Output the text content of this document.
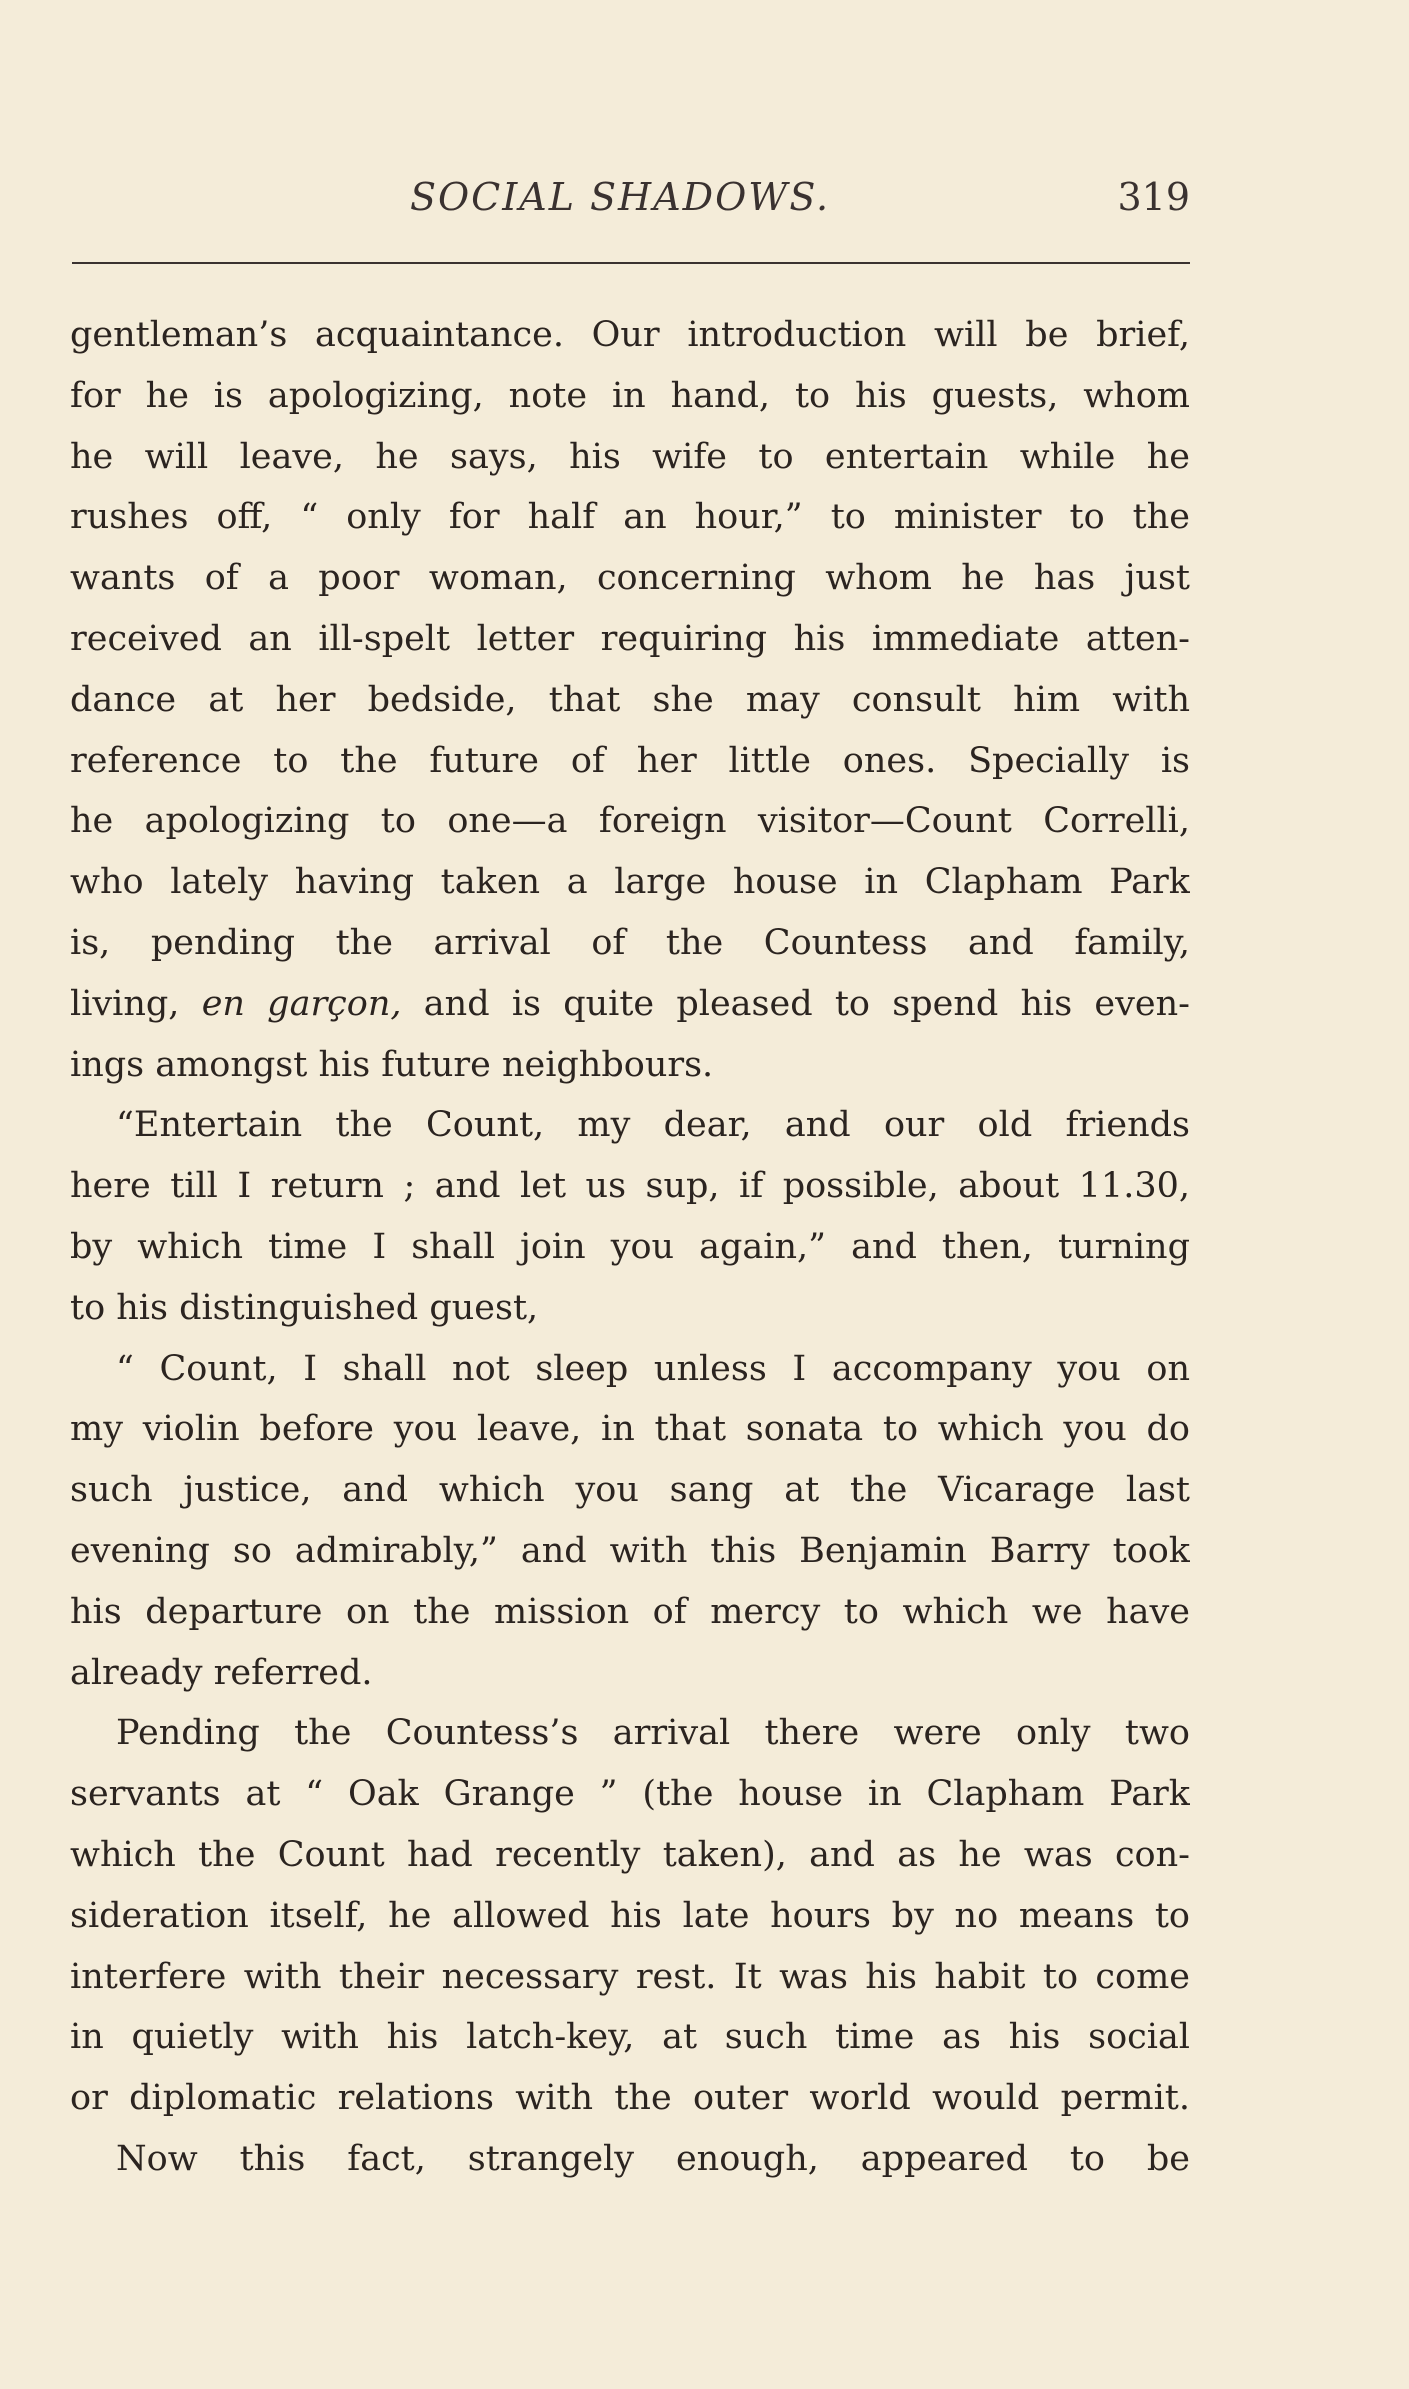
SOCIAL SHADOWS.	319
gentleman’s acquaintance. Our introduction will be brief,
for he is apologizing, note in hand, to his guests, whom
he will leave, he says, his wife to entertain while he
rushes off, “ only for half an hour,” to minister to the
wants of a poor woman, concerning whom he has just
received an ill-spelt letter requiring his immediate atten-
dance at her bedside, that she may consult him with
reference to the future of her little ones. Specially is
he apologizing to one—a foreign visitor—Count Correlli,
who lately having taken a large house in Clapham Park
is, pending the arrival of the Countess and family,
living, en garçon, and is quite pleased to spend his even-
ings amongst his future neighbours.
“Entertain the Count, my dear, and our old friends
here till I return ; and let us sup, if possible, about 11.30,
by which time I shall join you again,” and then, turning
to his distinguished guest,
“ Count, I shall not sleep unless I accompany you on
my violin before you leave, in that sonata to which you do
such justice, and which you sang at the Vicarage last
evening so admirably,” and with this Benjamin Barry took
his departure on the mission of mercy to which we have
already referred.
Pending the Countess’s arrival there were only two
servants at “ Oak Grange ” (the house in Clapham Park
which the Count had recently taken), and as he was con-
sideration itself, he allowed his late hours by no means to
interfere with their necessary rest. It was his habit to come
in quietly with his latch-key, at such time as his social
or diplomatic relations with the outer world would permit.
Now this fact, strangely enough, appeared to be
